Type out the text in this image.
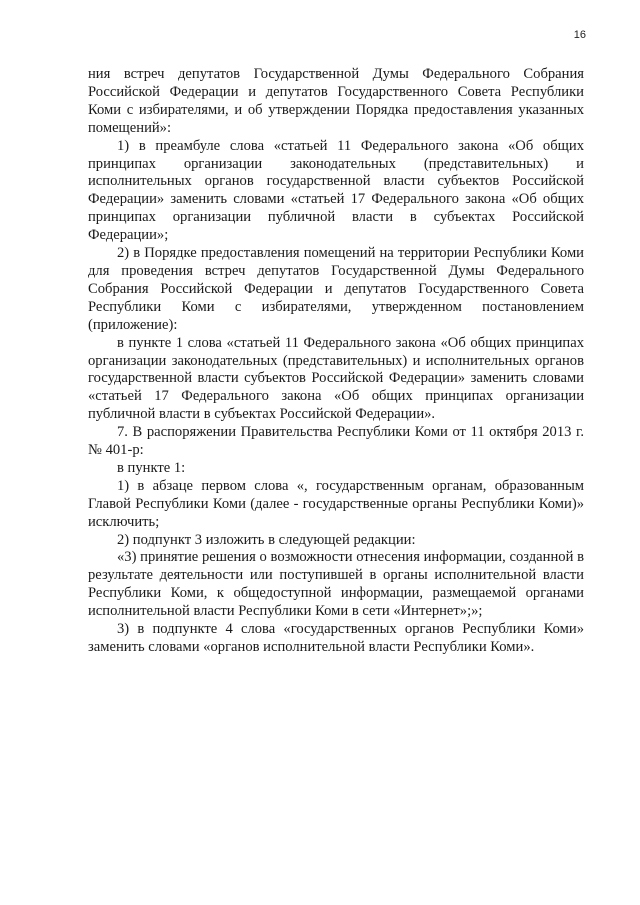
16

ния встреч депутатов Государственной Думы Федерального Собрания Российской Федерации и депутатов Государственного Совета Республики Коми с избирателями, и об утверждении Порядка предоставления указанных помещений»:

1) в преамбуле слова «статьей 11 Федерального закона «Об общих принципах организации законодательных (представительных) и исполнительных органов государственной власти субъектов Российской Федерации» заменить словами «статьей 17 Федерального закона «Об общих принципах организации публичной власти в субъектах Российской Федерации»;

2) в Порядке предоставления помещений на территории Республики Коми для проведения встреч депутатов Государственной Думы Федерального Собрания Российской Федерации и депутатов Государственного Совета Республики Коми с избирателями, утвержденном постановлением (приложение):

в пункте 1 слова «статьей 11 Федерального закона «Об общих принципах организации законодательных (представительных) и исполнительных органов государственной власти субъектов Российской Федерации» заменить словами «статьей 17 Федерального закона «Об общих принципах организации публичной власти в субъектах Российской Федерации».

7. В распоряжении Правительства Республики Коми от 11 октября 2013 г. № 401-р:

в пункте 1:

1) в абзаце первом слова «, государственным органам, образованным Главой Республики Коми (далее - государственные органы Республики Коми)» исключить;

2) подпункт 3 изложить в следующей редакции:

«3) принятие решения о возможности отнесения информации, созданной в результате деятельности или поступившей в органы исполнительной власти Республики Коми, к общедоступной информации, размещаемой органами исполнительной власти Республики Коми в сети «Интернет»;»;

3) в подпункте 4 слова «государственных органов Республики Коми» заменить словами «органов исполнительной власти Республики Коми».
